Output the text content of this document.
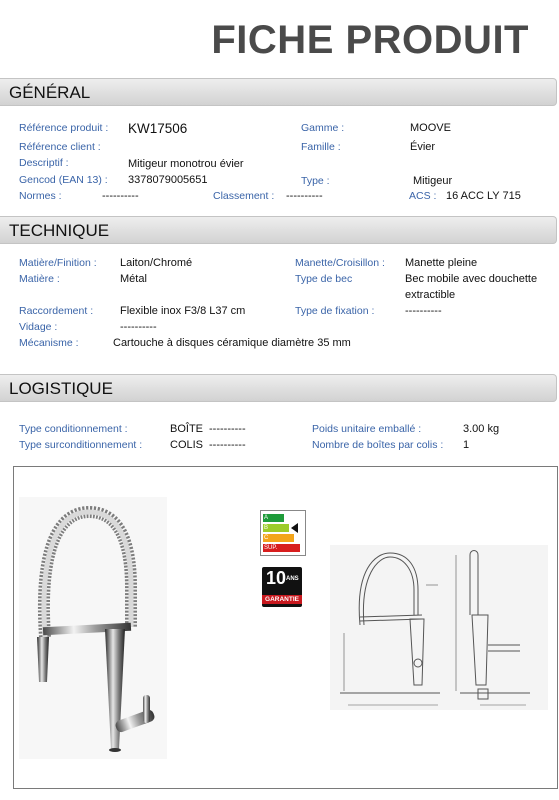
FICHE PRODUIT
GÉNÉRAL
Référence produit : KW17506	Gamme :	MOOVE
Référence client :	Famille :	Évier
Descriptif :	Mitigeur monotrou évier
Gencod (EAN 13) : 3378079005651	Type :	Mitigeur
Normes :	----------	Classement : ----------	ACS : 16 ACC LY 715
TECHNIQUE
Matière/Finition : Laiton/Chromé	Manette/Croisillon : Manette pleine
Matière :	Métal	Type de bec	Bec mobile avec douchette
extractible
Raccordement : Flexible inox F3/8 L37 cm	Type de fixation :	----------
Vidage :	----------
Mécanisme :	Cartouche à disques céramique diamètre 35 mm
LOGISTIQUE
Type conditionnement :	BOÎTE ----------	Poids unitaire emballé :	3.00 kg
Type surconditionnement :	COLIS ----------	Nombre de boîtes par colis : 1
A
B
C
SUP.
10 ANS
GARANTIE
